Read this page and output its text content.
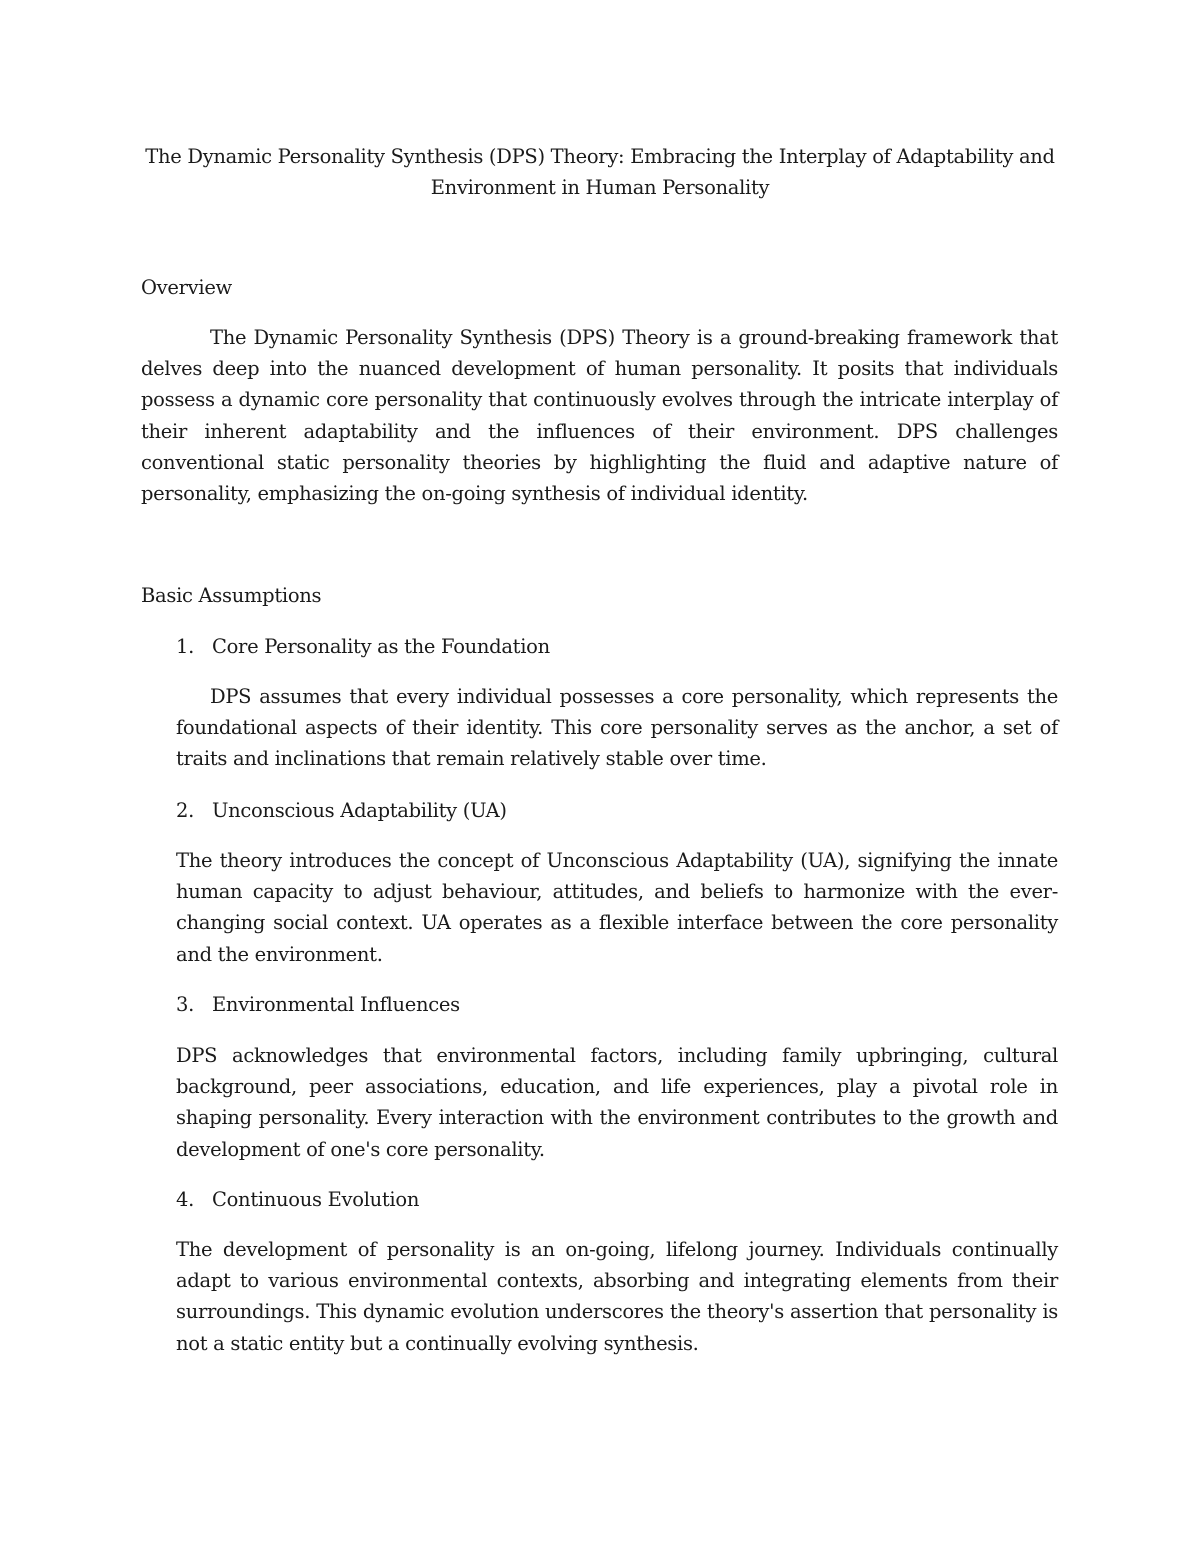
The Dynamic Personality Synthesis (DPS) Theory: Embracing the Interplay of Adaptability and
Environment in Human Personality
Overview

The Dynamic Personality Synthesis (DPS) Theory is a ground-breaking framework that delves deep into the nuanced development of human personality. It posits that individuals possess a dynamic core personality that continuously evolves through the intricate interplay of their inherent adaptability and the influences of their environment. DPS challenges conventional static personality theories by highlighting the fluid and adaptive nature of personality, emphasizing the on-going synthesis of individual identity.

Basic Assumptions
1. Core Personality as the Foundation

DPS assumes that every individual possesses a core personality, which represents the foundational aspects of their identity. This core personality serves as the anchor, a set of traits and inclinations that remain relatively stable over time.

2. Unconscious Adaptability (UA)

The theory introduces the concept of Unconscious Adaptability (UA), signifying the innate human capacity to adjust behaviour, attitudes, and beliefs to harmonize with the ever-changing social context. UA operates as a flexible interface between the core personality and the environment.

3. Environmental Influences

DPS acknowledges that environmental factors, including family upbringing, cultural background, peer associations, education, and life experiences, play a pivotal role in shaping personality. Every interaction with the environment contributes to the growth and development of one's core personality.

4. Continuous Evolution

The development of personality is an on-going, lifelong journey. Individuals continually adapt to various environmental contexts, absorbing and integrating elements from their surroundings. This dynamic evolution underscores the theory's assertion that personality is not a static entity but a continually evolving synthesis.
